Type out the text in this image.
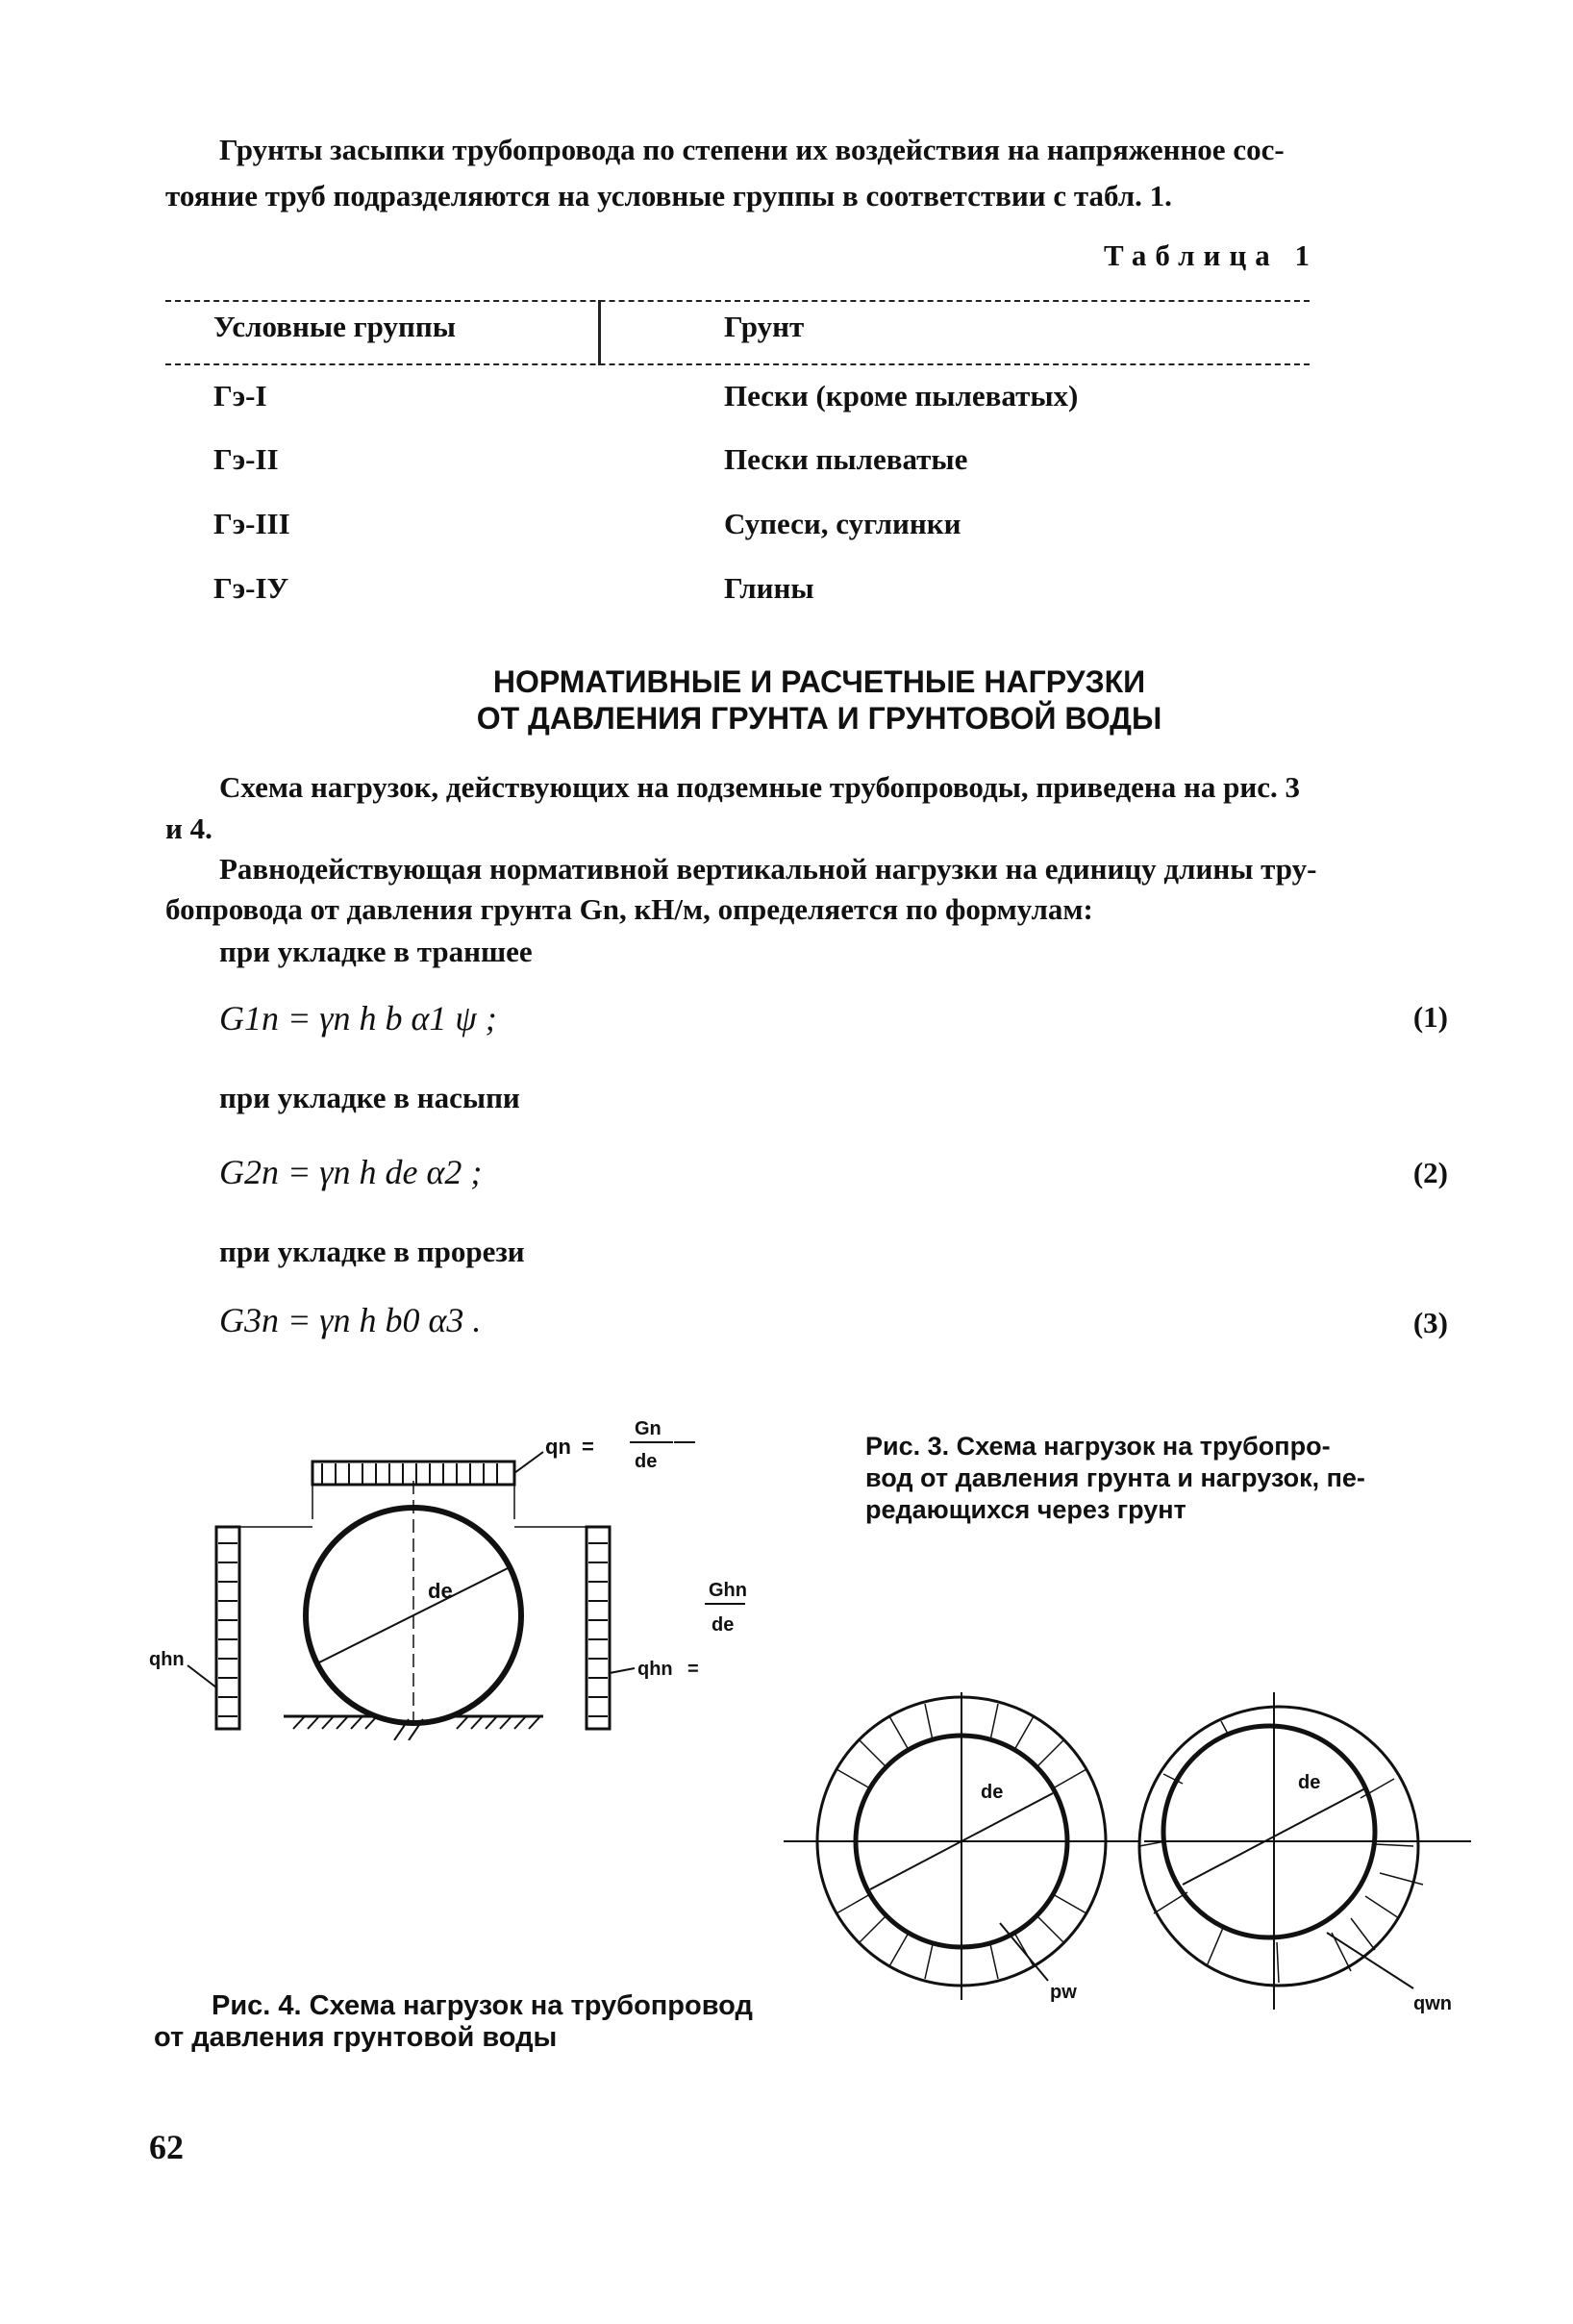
Грунты засыпки трубопровода по степени их воздействия на напряженное сос-
тояние труб подразделяются на условные группы в соответствии с табл. 1.
Таблица 1
Условные группы	Грунт
Гэ-I	Пески (кроме пылеватых)
Гэ-II	Пески пылеватые
Гэ-III	Супеси, суглинки
Гэ-IУ	Глины
НОРМАТИВНЫЕ И РАСЧЕТНЫЕ НАГРУЗКИ
ОТ ДАВЛЕНИЯ ГРУНТА И ГРУНТОВОЙ ВОДЫ
Схема нагрузок, действующих на подземные трубопроводы, приведена на рис. 3
и 4.
Равнодействующая нормативной вертикальной нагрузки на единицу длины тру-
бопровода от давления грунта Gn, кН/м, определяется по формулам:
при укладке в траншее
G1n = γn h b α1 ψ ;	(1)
при укладке в насыпи
G2n = γn h de α2 ;	(2)
при укладке в прорези
G3n = γn h b0 α3 .	(3)
Рис. 3. Схема нагрузок на трубопро-
вод от давления грунта и нагрузок, пе-
редающихся через грунт
qn =
Gn
de
de
qhn	qhn =
Ghn
de
de	de
pw
qwn
Рис. 4. Схема нагрузок на трубопровод
от давления грунтовой воды
62
